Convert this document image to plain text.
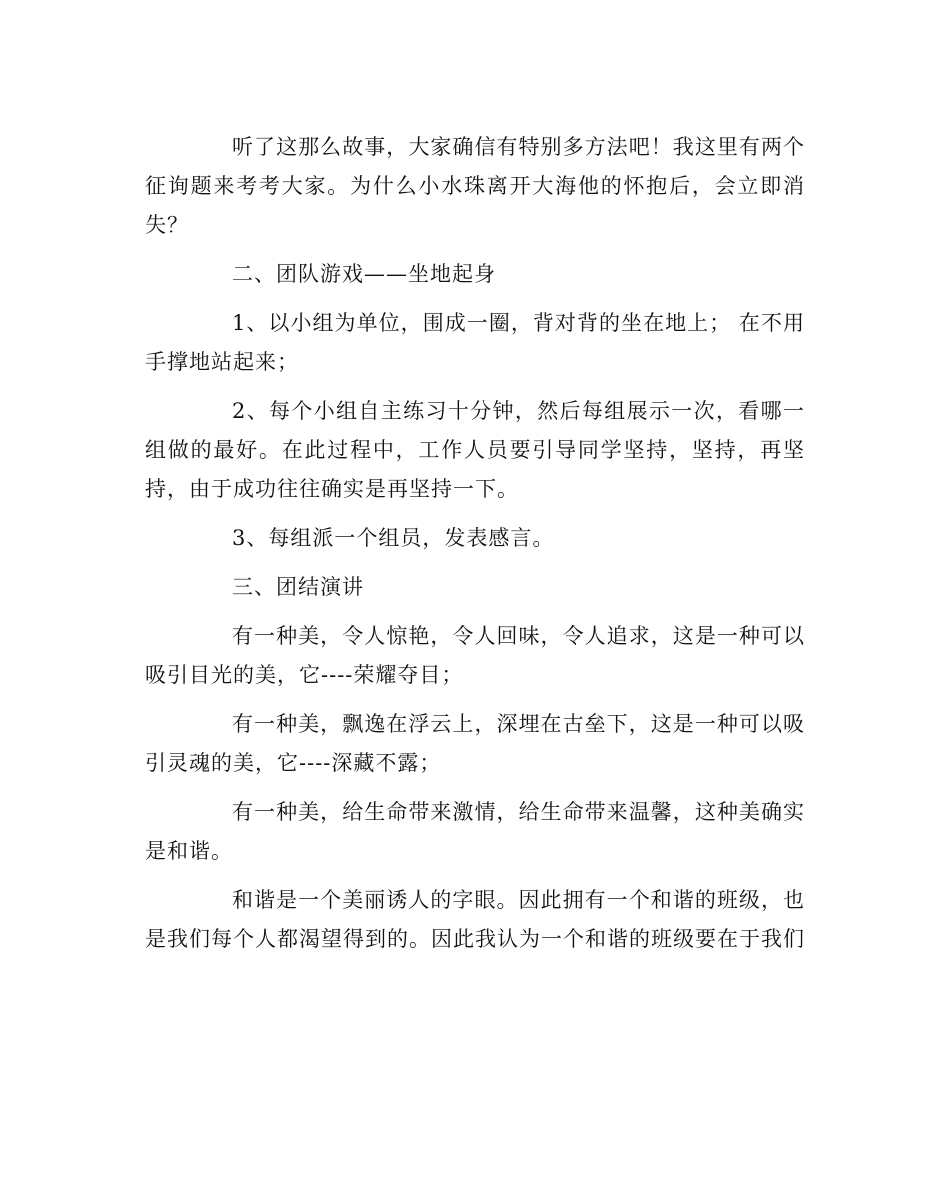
听了这那么故事，大家确信有特别多方法吧！我这里有两个征询题来考考大家。为什么小水珠离开大海他的怀抱后，会立即消失？

二、团队游戏——坐地起身

1、以小组为单位，围成一圈，背对背的坐在地上； 在不用手撑地站起来；

2、每个小组自主练习十分钟，然后每组展示一次，看哪一组做的最好。在此过程中，工作人员要引导同学坚持，坚持，再坚持，由于成功往往确实是再坚持一下。

3、每组派一个组员，发表感言。

三、团结演讲

有一种美，令人惊艳，令人回味，令人追求，这是一种可以吸引目光的美，它----荣耀夺目；

有一种美，飘逸在浮云上，深埋在古垒下，这是一种可以吸引灵魂的美，它----深藏不露；

有一种美，给生命带来激情，给生命带来温馨，这种美确实是和谐。

和谐是一个美丽诱人的字眼。因此拥有一个和谐的班级，也是我们每个人都渴望得到的。因此我认为一个和谐的班级要在于我们
